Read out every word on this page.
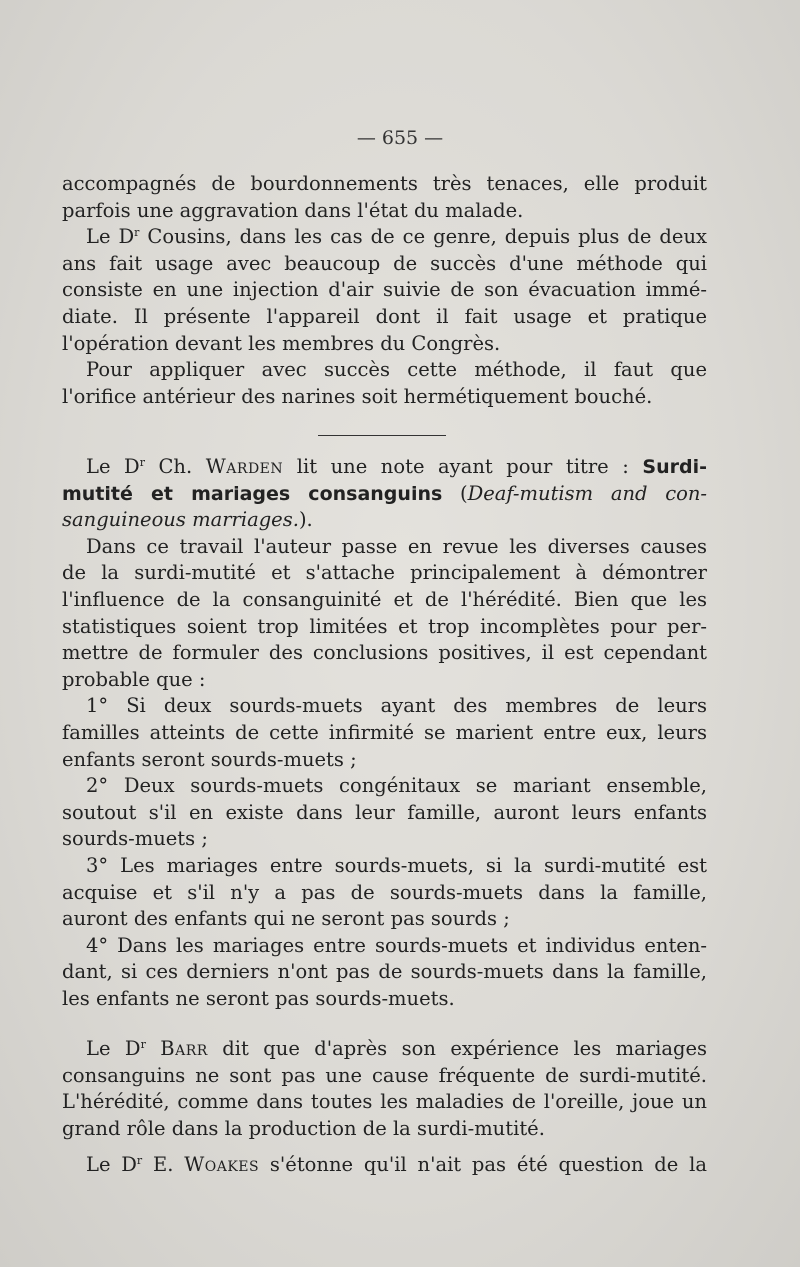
— 655 —
accompagnés de bourdonnements très tenaces, elle produit
parfois une aggravation dans l'état du malade.
Le $D^r$ Cousins, dans les cas de ce genre, depuis plus de deux
ans fait usage avec beaucoup de succès d'une méthode qui
consiste en une injection d'air suivie de son évacuation immé-
diate. Il présente l'appareil dont il fait usage et pratique
l'opération devant les membres du Congrès.
Pour appliquer avec succès cette méthode, il faut que
l'orifice antérieur des narines soit hermétiquement bouché.
Le $D^r$ Ch. Warden lit une note ayant pour titre : Surdi-
mutité et mariages consanguins (Deaf-mutism and con-
sanguineous marriages.).
Dans ce travail l'auteur passe en revue les diverses causes
de la surdi-mutité et s'attache principalement à démontrer
l'influence de la consanguinité et de l'hérédité. Bien que les
statistiques soient trop limitées et trop incomplètes pour per-
mettre de formuler des conclusions positives, il est cependant
probable que :
1° Si deux sourds-muets ayant des membres de leurs
familles atteints de cette infirmité se marient entre eux, leurs
enfants seront sourds-muets ;
2° Deux sourds-muets congénitaux se mariant ensemble,
soutout s'il en existe dans leur famille, auront leurs enfants
sourds-muets ;
3° Les mariages entre sourds-muets, si la surdi-mutité est
acquise et s'il n'y a pas de sourds-muets dans la famille,
auront des enfants qui ne seront pas sourds ;
4° Dans les mariages entre sourds-muets et individus enten-
dant, si ces derniers n'ont pas de sourds-muets dans la famille,
les enfants ne seront pas sourds-muets.
Le $D^r$ Barr dit que d'après son expérience les mariages
consanguins ne sont pas une cause fréquente de surdi-mutité.
L'hérédité, comme dans toutes les maladies de l'oreille, joue un
grand rôle dans la production de la surdi-mutité.
Le $D^r$ E. Woakes s'étonne qu'il n'ait pas été question de la
